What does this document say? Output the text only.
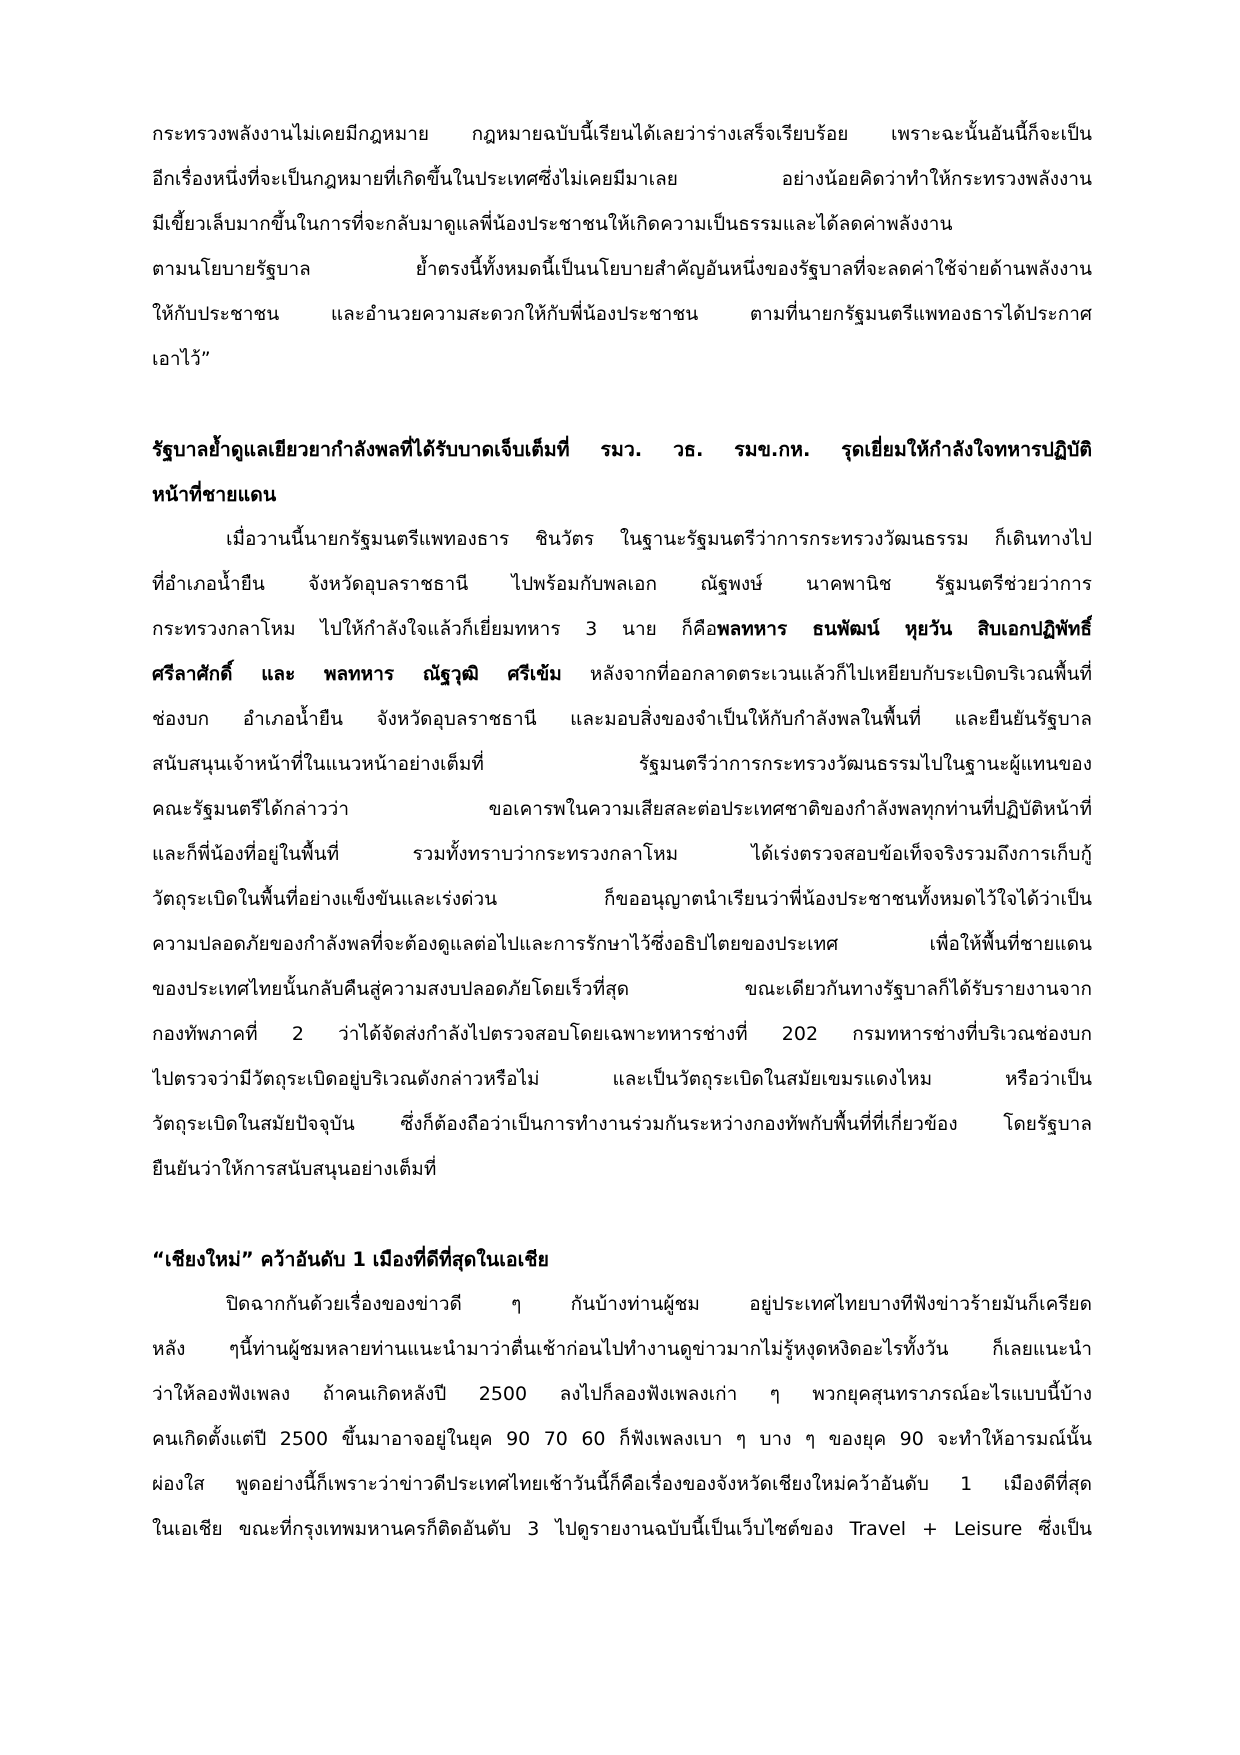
กระทรวงพลังงานไม่เคยมีกฎหมาย กฎหมายฉบับนี้เรียนได้เลยว่าร่างเสร็จเรียบร้อย เพราะฉะนั้นอันนี้ก็จะเป็น
อีกเรื่องหนึ่งที่จะเป็นกฎหมายที่เกิดขึ้นในประเทศซึ่งไม่เคยมีมาเลย อย่างน้อยคิดว่าทำให้กระทรวงพลังงาน
มีเขี้ยวเล็บมากขึ้นในการที่จะกลับมาดูแลพี่น้องประชาชนให้เกิดความเป็นธรรมและได้ลดค่าพลังงาน
ตามนโยบายรัฐบาล ย้ำตรงนี้ทั้งหมดนี้เป็นนโยบายสำคัญอันหนึ่งของรัฐบาลที่จะลดค่าใช้จ่ายด้านพลังงาน
ให้กับประชาชน และอำนวยความสะดวกให้กับพี่น้องประชาชน ตามที่นายกรัฐมนตรีแพทองธารได้ประกาศ
เอาไว้”
รัฐบาลย้ำดูแลเยียวยากำลังพลที่ได้รับบาดเจ็บเต็มที่ รมว. วธ. รมข.กห. รุดเยี่ยมให้กำลังใจทหารปฏิบัติ
หน้าที่ชายแดน
เมื่อวานนี้นายกรัฐมนตรีแพทองธาร ชินวัตร ในฐานะรัฐมนตรีว่าการกระทรวงวัฒนธรรม ก็เดินทางไป
ที่อำเภอน้ำยืน จังหวัดอุบลราชธานี ไปพร้อมกับพลเอก ณัฐพงษ์ นาคพานิช รัฐมนตรีช่วยว่าการ
กระทรวงกลาโหม ไปให้กำลังใจแล้วก็เยี่ยมทหาร 3 นาย ก็คือพลทหาร ธนพัฒน์ หุยวัน สิบเอกปฏิพัทธิ์
ศรีลาศักดิ์ และ พลทหาร ณัฐวุฒิ ศรีเข้ม หลังจากที่ออกลาดตระเวนแล้วก็ไปเหยียบกับระเบิดบริเวณพื้นที่
ช่องบก อำเภอน้ำยืน จังหวัดอุบลราชธานี และมอบสิ่งของจำเป็นให้กับกำลังพลในพื้นที่ และยืนยันรัฐบาล
สนับสนุนเจ้าหน้าที่ในแนวหน้าอย่างเต็มที่ รัฐมนตรีว่าการกระทรวงวัฒนธรรมไปในฐานะผู้แทนของ
คณะรัฐมนตรีได้กล่าวว่า ขอเคารพในความเสียสละต่อประเทศชาติของกำลังพลทุกท่านที่ปฏิบัติหน้าที่
และก็พี่น้องที่อยู่ในพื้นที่ รวมทั้งทราบว่ากระทรวงกลาโหม ได้เร่งตรวจสอบข้อเท็จจริงรวมถึงการเก็บกู้
วัตถุระเบิดในพื้นที่อย่างแข็งขันและเร่งด่วน ก็ขออนุญาตนำเรียนว่าพี่น้องประชาชนทั้งหมดไว้ใจได้ว่าเป็น
ความปลอดภัยของกำลังพลที่จะต้องดูแลต่อไปและการรักษาไว้ซึ่งอธิปไตยของประเทศ เพื่อให้พื้นที่ชายแดน
ของประเทศไทยนั้นกลับคืนสู่ความสงบปลอดภัยโดยเร็วที่สุด ขณะเดียวกันทางรัฐบาลก็ได้รับรายงานจาก
กองทัพภาคที่ 2 ว่าได้จัดส่งกำลังไปตรวจสอบโดยเฉพาะทหารช่างที่ 202 กรมทหารช่างที่บริเวณช่องบก
ไปตรวจว่ามีวัตถุระเบิดอยู่บริเวณดังกล่าวหรือไม่ และเป็นวัตถุระเบิดในสมัยเขมรแดงไหม หรือว่าเป็น
วัตถุระเบิดในสมัยปัจจุบัน ซึ่งก็ต้องถือว่าเป็นการทำงานร่วมกันระหว่างกองทัพกับพื้นที่ที่เกี่ยวข้อง โดยรัฐบาล
ยืนยันว่าให้การสนับสนุนอย่างเต็มที่
“เชียงใหม่” คว้าอันดับ 1 เมืองที่ดีที่สุดในเอเชีย
ปิดฉากกันด้วยเรื่องของข่าวดี ๆ กันบ้างท่านผู้ชม อยู่ประเทศไทยบางทีฟังข่าวร้ายมันก็เครียด
หลัง ๆนี้ท่านผู้ชมหลายท่านแนะนำมาว่าตื่นเช้าก่อนไปทำงานดูข่าวมากไม่รู้หงุดหงิดอะไรทั้งวัน ก็เลยแนะนำ
ว่าให้ลองฟังเพลง ถ้าคนเกิดหลังปี 2500 ลงไปก็ลองฟังเพลงเก่า ๆ พวกยุคสุนทราภรณ์อะไรแบบนี้บ้าง
คนเกิดตั้งแต่ปี 2500 ขึ้นมาอาจอยู่ในยุค 90 70 60 ก็ฟังเพลงเบา ๆ บาง ๆ ของยุค 90 จะทำให้อารมณ์นั้น
ผ่องใส พูดอย่างนี้ก็เพราะว่าข่าวดีประเทศไทยเช้าวันนี้ก็คือเรื่องของจังหวัดเชียงใหม่คว้าอันดับ 1 เมืองดีที่สุด
ในเอเชีย ขณะที่กรุงเทพมหานครก็ติดอันดับ 3 ไปดูรายงานฉบับนี้เป็นเว็บไซต์ของ Travel + Leisure ซึ่งเป็น
